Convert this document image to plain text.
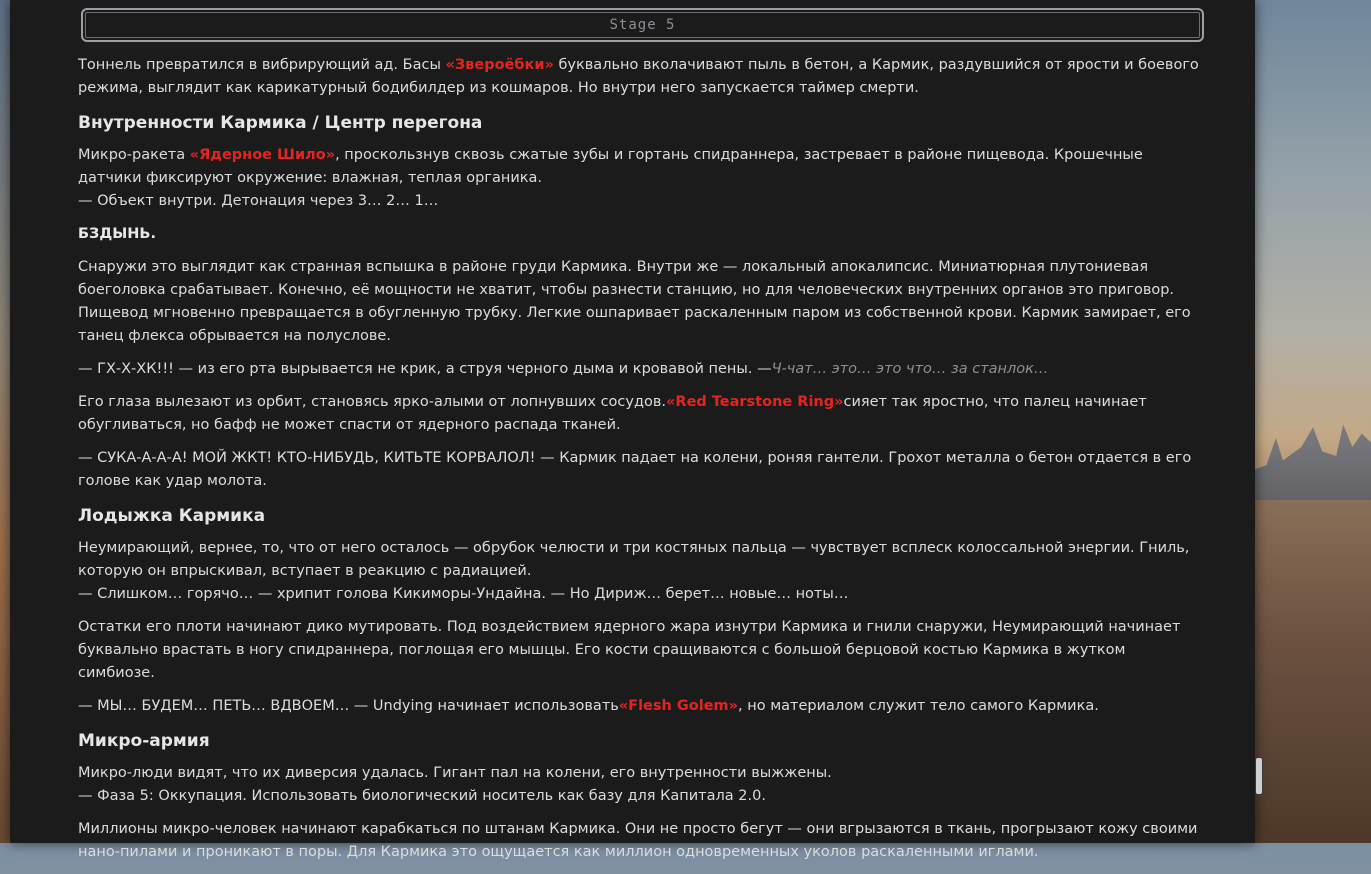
Stage 5

Тоннель превратился в вибрирующий ад. Басы «Звероёбки» буквально вколачивают пыль в бетон, а Кармик, раздувшийся от ярости и боевого режима, выглядит как карикатурный бодибилдер из кошмаров. Но внутри него запускается таймер смерти.

Внутренности Кармика / Центр перегона

Микро-ракета «Ядерное Шило», проскользнув сквозь сжатые зубы и гортань спидраннера, застревает в районе пищевода. Крошечные датчики фиксируют окружение: влажная, теплая органика.
— Объект внутри. Детонация через 3… 2… 1…

БЗДЫНЬ.

Снаружи это выглядит как странная вспышка в районе груди Кармика. Внутри же — локальный апокалипсис. Миниатюрная плутониевая боеголовка срабатывает. Конечно, её мощности не хватит, чтобы разнести станцию, но для человеческих внутренних органов это приговор. Пищевод мгновенно превращается в обугленную трубку. Легкие ошпаривает раскаленным паром из собственной крови. Кармик замирает, его танец флекса обрывается на полуслове.

— ГХ-Х-ХК!!! — из его рта вырывается не крик, а струя черного дыма и кровавой пены. —Ч-чат… это… это что… за станлок…

Его глаза вылезают из орбит, становясь ярко-алыми от лопнувших сосудов.«Red Tearstone Ring»сияет так яростно, что палец начинает обугливаться, но бафф не может спасти от ядерного распада тканей.

— СУКА-А-А-А! МОЙ ЖКТ! КТО-НИБУДЬ, КИТЬТЕ КОРВАЛОЛ! — Кармик падает на колени, роняя гантели. Грохот металла о бетон отдается в его голове как удар молота.

Лодыжка Кармика

Неумирающий, вернее, то, что от него осталось — обрубок челюсти и три костяных пальца — чувствует всплеск колоссальной энергии. Гниль, которую он впрыскивал, вступает в реакцию с радиацией.
— Слишком… горячо… — хрипит голова Кикиморы-Ундайна. — Но Дириж… берет… новые… ноты…

Остатки его плоти начинают дико мутировать. Под воздействием ядерного жара изнутри Кармика и гнили снаружи, Неумирающий начинает буквально врастать в ногу спидраннера, поглощая его мышцы. Его кости сращиваются с большой берцовой костью Кармика в жутком симбиозе.

— МЫ… БУДЕМ… ПЕТЬ… ВДВОЕМ… — Undying начинает использовать«Flesh Golem», но материалом служит тело самого Кармика.

Микро-армия

Микро-люди видят, что их диверсия удалась. Гигант пал на колени, его внутренности выжжены.
— Фаза 5: Оккупация. Использовать биологический носитель как базу для Капитала 2.0.

Миллионы микро-человек начинают карабкаться по штанам Кармика. Они не просто бегут — они вгрызаются в ткань, прогрызают кожу своими нано-пилами и проникают в поры. Для Кармика это ощущается как миллион одновременных уколов раскаленными иглами.
